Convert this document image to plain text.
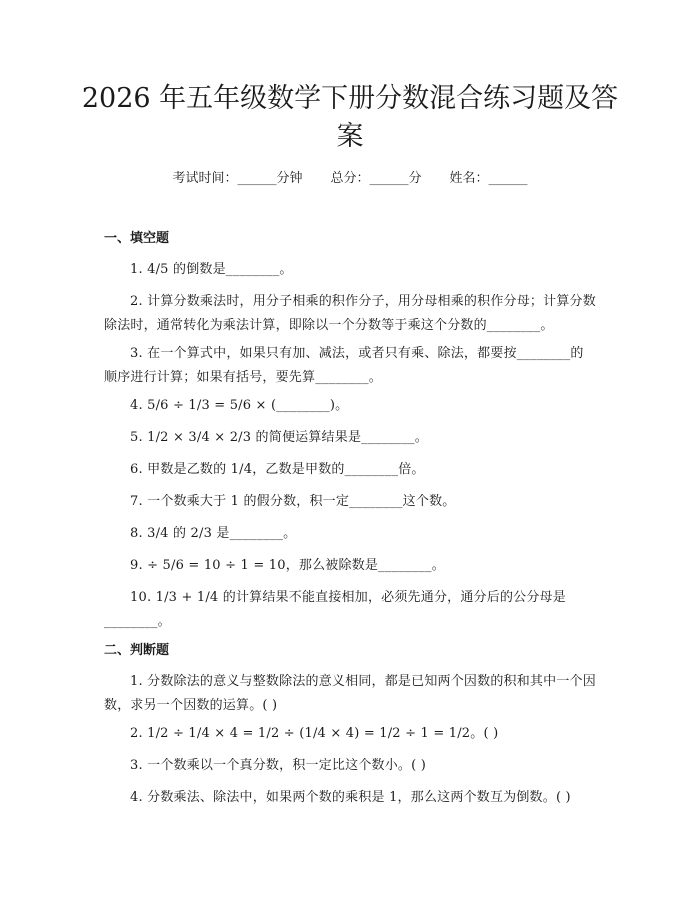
2026 年五年级数学下册分数混合练习题及答
案
考试时间：______分钟 总分：______分 姓名：______
一、填空题
1. 4/5 的倒数是________。
2. 计算分数乘法时，用分子相乘的积作分子，用分母相乘的积作分母；计算分数除法时，通常转化为乘法计算，即除以一个分数等于乘这个分数的________。
3. 在一个算式中，如果只有加、减法，或者只有乘、除法，都要按________的顺序进行计算；如果有括号，要先算________。
4. 5/6 ÷ 1/3 = 5/6 × (________)。
5. 1/2 × 3/4 × 2/3 的简便运算结果是________。
6. 甲数是乙数的 1/4，乙数是甲数的________倍。
7. 一个数乘大于 1 的假分数，积一定________这个数。
8. 3/4 的 2/3 是________。
9. ÷ 5/6 = 10 ÷ 1 = 10，那么被除数是________。
10. 1/3 + 1/4 的计算结果不能直接相加，必须先通分，通分后的公分母是________。
二、判断题
1. 分数除法的意义与整数除法的意义相同，都是已知两个因数的积和其中一个因数，求另一个因数的运算。( )
2. 1/2 ÷ 1/4 × 4 = 1/2 ÷ (1/4 × 4) = 1/2 ÷ 1 = 1/2。( )
3. 一个数乘以一个真分数，积一定比这个数小。( )
4. 分数乘法、除法中，如果两个数的乘积是 1，那么这两个数互为倒数。( )
